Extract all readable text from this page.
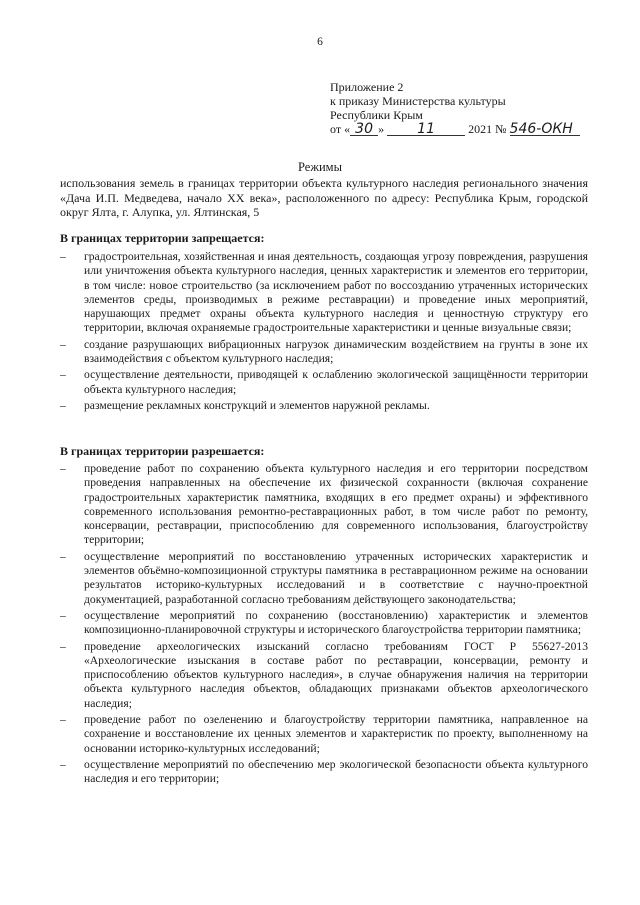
6
Приложение 2
к приказу Министерства культуры
Республики Крым
от « 30 » 11	2021 № 546-ОКН
Режимы
использования земель в границах территории объекта культурного наследия регионального значения «Дача И.П. Медведева, начало XX века», расположенного по адресу: Республика Крым, городской округ Ялта, г. Алупка, ул. Ялтинская, 5
В границах территории запрещается:
– градостроительная, хозяйственная и иная деятельность, создающая угрозу повреждения, разрушения или уничтожения объекта культурного наследия, ценных характеристик и элементов его территории, в том числе: новое строительство (за исключением работ по воссозданию утраченных исторических элементов среды, производимых в режиме реставрации) и проведение иных мероприятий, нарушающих предмет охраны объекта культурного наследия и ценностную структуру его территории, включая охраняемые градостроительные характеристики и ценные визуальные связи;
– создание разрушающих вибрационных нагрузок динамическим воздействием на грунты в зоне их взаимодействия с объектом культурного наследия;
– осуществление деятельности, приводящей к ослаблению экологической защищённости территории объекта культурного наследия;
– размещение рекламных конструкций и элементов наружной рекламы.
В границах территории разрешается:
– проведение работ по сохранению объекта культурного наследия и его территории посредством проведения направленных на обеспечение их физической сохранности (включая сохранение градостроительных характеристик памятника, входящих в его предмет охраны) и эффективного современного использования ремонтно-реставрационных работ, в том числе работ по ремонту, консервации, реставрации, приспособлению для современного использования, благоустройству территории;
– осуществление мероприятий по восстановлению утраченных исторических характеристик и элементов объёмно-композиционной структуры памятника в реставрационном режиме на основании результатов историко-культурных исследований и в соответствие с научно-проектной документацией, разработанной согласно требованиям действующего законодательства;
– осуществление мероприятий по сохранению (восстановлению) характеристик и элементов композиционно-планировочной структуры и исторического благоустройства территории памятника;
– проведение археологических изысканий согласно требованиям ГОСТ Р 55627-2013 «Археологические изыскания в составе работ по реставрации, консервации, ремонту и приспособлению объектов культурного наследия», в случае обнаружения наличия на территории объекта культурного наследия объектов, обладающих признаками объектов археологического наследия;
– проведение работ по озеленению и благоустройству территории памятника, направленное на сохранение и восстановление их ценных элементов и характеристик по проекту, выполненному на основании историко-культурных исследований;
– осуществление мероприятий по обеспечению мер экологической безопасности объекта культурного наследия и его территории;
